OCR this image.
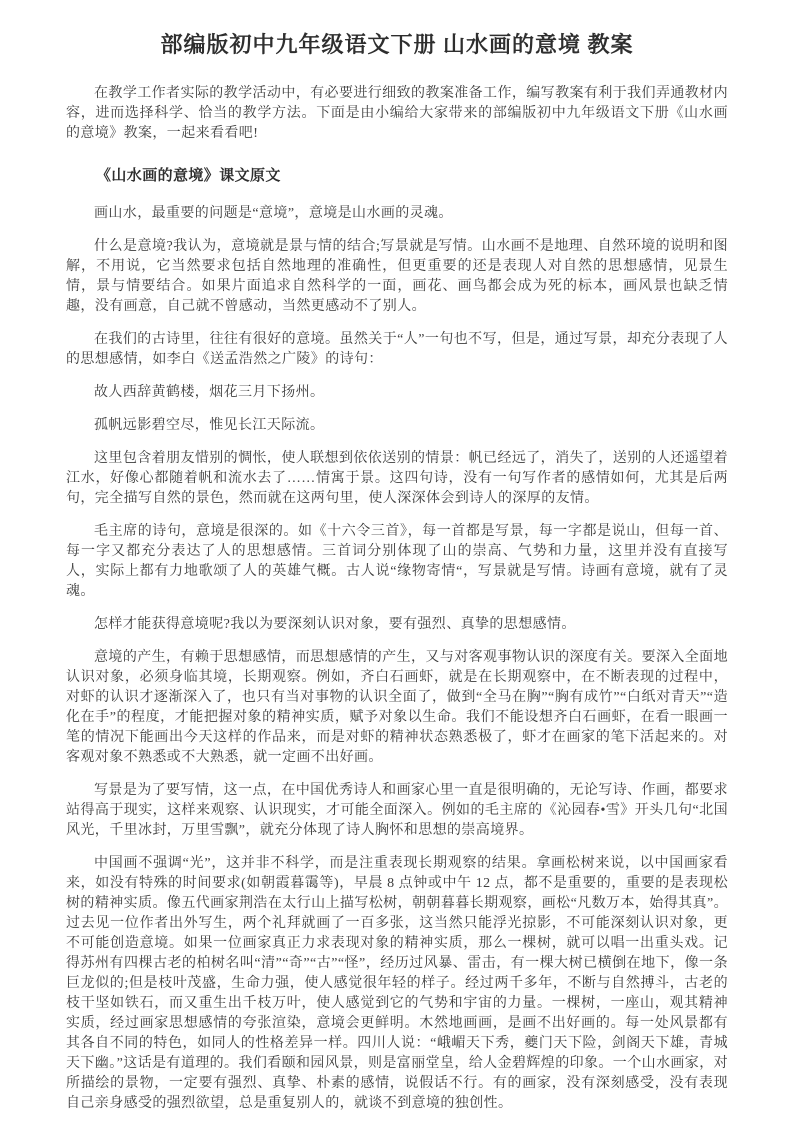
部编版初中九年级语文下册 山水画的意境 教案

在教学工作者实际的教学活动中，有必要进行细致的教案准备工作，编写教案有利于我们弄通教材内容，进而选择科学、恰当的教学方法。下面是由小编给大家带来的部编版初中九年级语文下册《山水画的意境》教案，一起来看看吧!

《山水画的意境》课文原文

画山水，最重要的问题是“意境”，意境是山水画的灵魂。

什么是意境?我认为，意境就是景与情的结合;写景就是写情。山水画不是地理、自然环境的说明和图解，不用说，它当然要求包括自然地理的准确性，但更重要的还是表现人对自然的思想感情，见景生情，景与情要结合。如果片面追求自然科学的一面，画花、画鸟都会成为死的标本，画风景也缺乏情趣，没有画意，自己就不曾感动，当然更感动不了别人。

在我们的古诗里，往往有很好的意境。虽然关于“人”一句也不写，但是，通过写景，却充分表现了人的思想感情，如李白《送孟浩然之广陵》的诗句：

故人西辞黄鹤楼，烟花三月下扬州。

孤帆远影碧空尽，惟见长江天际流。

这里包含着朋友惜别的惆怅，使人联想到依依送别的情景：帆已经远了，消失了，送别的人还遥望着江水，好像心都随着帆和流水去了……情寓于景。这四句诗，没有一句写作者的感情如何，尤其是后两句，完全描写自然的景色，然而就在这两句里，使人深深体会到诗人的深厚的友情。

毛主席的诗句，意境是很深的。如《十六令三首》，每一首都是写景，每一字都是说山，但每一首、每一字又都充分表达了人的思想感情。三首词分别体现了山的崇高、气势和力量，这里并没有直接写人，实际上都有力地歌颂了人的英雄气概。古人说“缘物寄情“，写景就是写情。诗画有意境，就有了灵魂。

怎样才能获得意境呢?我以为要深刻认识对象，要有强烈、真挚的思想感情。

意境的产生，有赖于思想感情，而思想感情的产生，又与对客观事物认识的深度有关。要深入全面地认识对象，必须身临其境，长期观察。例如，齐白石画虾，就是在长期观察中，在不断表现的过程中，对虾的认识才逐渐深入了，也只有当对事物的认识全面了，做到“全马在胸”“胸有成竹”“白纸对青天”“造化在手”的程度，才能把握对象的精神实质，赋予对象以生命。我们不能设想齐白石画虾，在看一眼画一笔的情况下能画出今天这样的作品来，而是对虾的精神状态熟悉极了，虾才在画家的笔下活起来的。对客观对象不熟悉或不大熟悉，就一定画不出好画。

写景是为了要写情，这一点，在中国优秀诗人和画家心里一直是很明确的，无论写诗、作画，都要求站得高于现实，这样来观察、认识现实，才可能全面深入。例如的毛主席的《沁园春•雪》开头几句“北国风光，千里冰封，万里雪飘”，就充分体现了诗人胸怀和思想的崇高境界。

中国画不强调“光”，这并非不科学，而是注重表现长期观察的结果。拿画松树来说，以中国画家看来，如没有特殊的时间要求(如朝霞暮霭等)，早晨 8 点钟或中午 12 点，都不是重要的，重要的是表现松树的精神实质。像五代画家荆浩在太行山上描写松树，朝朝暮暮长期观察，画松“凡数万本，始得其真”。过去见一位作者出外写生，两个礼拜就画了一百多张，这当然只能浮光掠影，不可能深刻认识对象，更不可能创造意境。如果一位画家真正力求表现对象的精神实质，那么一棵树，就可以唱一出重头戏。记得苏州有四棵古老的柏树名叫“清”“奇”“古”“怪”，经历过风暴、雷击，有一棵大树已横倒在地下，像一条巨龙似的;但是枝叶茂盛，生命力强，使人感觉很年轻的样子。经过两千多年，不断与自然搏斗，古老的枝干坚如铁石，而又重生出千枝万叶，使人感觉到它的气势和宇宙的力量。一棵树，一座山，观其精神实质，经过画家思想感情的夸张渲染，意境会更鲜明。木然地画画，是画不出好画的。每一处风景都有其各自不同的特色，如同人的性格差异一样。四川人说：“峨嵋天下秀，夔门天下险，剑阁天下雄，青城天下幽。”这话是有道理的。我们看颐和园风景，则是富丽堂皇，给人金碧辉煌的印象。一个山水画家，对所描绘的景物，一定要有强烈、真挚、朴素的感情，说假话不行。有的画家，没有深刻感受，没有表现自己亲身感受的强烈欲望，总是重复别人的，就谈不到意境的独创性。
